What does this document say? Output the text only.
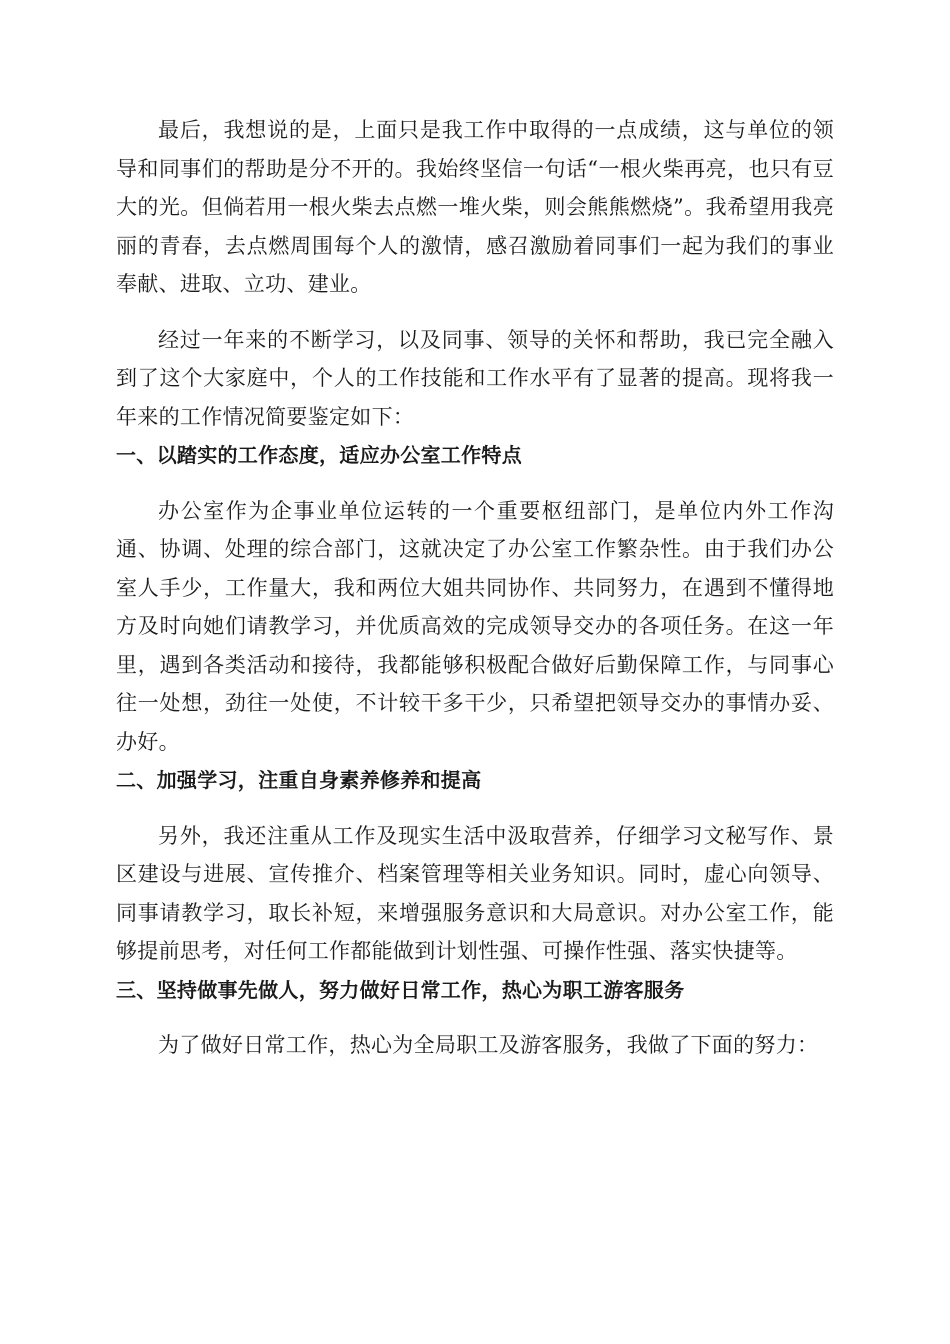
最后，我想说的是，上面只是我工作中取得的一点成绩，这与单位的领导和同事们的帮助是分不开的。我始终坚信一句话“一根火柴再亮，也只有豆大的光。但倘若用一根火柴去点燃一堆火柴，则会熊熊燃烧”。我希望用我亮丽的青春，去点燃周围每个人的激情，感召激励着同事们一起为我们的事业奉献、进取、立功、建业。

经过一年来的不断学习，以及同事、领导的关怀和帮助，我已完全融入到了这个大家庭中，个人的工作技能和工作水平有了显著的提高。现将我一年来的工作情况简要鉴定如下：

一、以踏实的工作态度，适应办公室工作特点

办公室作为企事业单位运转的一个重要枢纽部门，是单位内外工作沟通、协调、处理的综合部门，这就决定了办公室工作繁杂性。由于我们办公室人手少，工作量大，我和两位大姐共同协作、共同努力，在遇到不懂得地方及时向她们请教学习，并优质高效的完成领导交办的各项任务。在这一年里，遇到各类活动和接待，我都能够积极配合做好后勤保障工作，与同事心往一处想，劲往一处使，不计较干多干少，只希望把领导交办的事情办妥、办好。

二、加强学习，注重自身素养修养和提高

另外，我还注重从工作及现实生活中汲取营养，仔细学习文秘写作、景区建设与进展、宣传推介、档案管理等相关业务知识。同时，虚心向领导、同事请教学习，取长补短，来增强服务意识和大局意识。对办公室工作，能够提前思考，对任何工作都能做到计划性强、可操作性强、落实快捷等。

三、坚持做事先做人，努力做好日常工作，热心为职工游客服务

为了做好日常工作，热心为全局职工及游客服务，我做了下面的努力：
